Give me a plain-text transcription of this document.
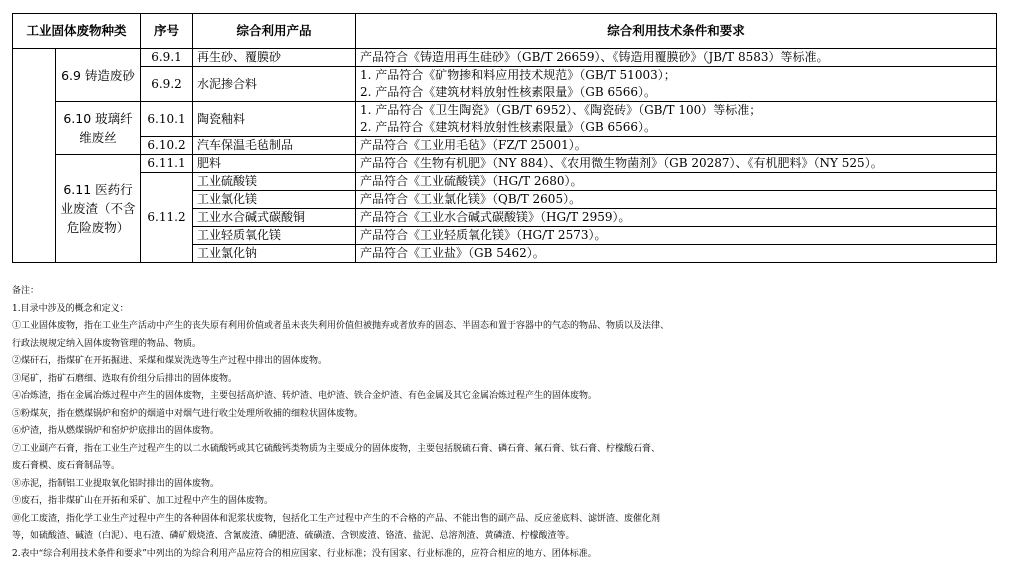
工业固体废物种类		序号	综合利用产品	综合利用技术条件和要求
	6.9 铸造废砂	6.9.1	再生砂、覆膜砂	产品符合《铸造用再生硅砂》（GB/T 26659）、《铸造用覆膜砂》（JB/T 8583）等标准。

		6.9.2	水泥掺合料	1. 产品符合《矿物掺和料应用技术规范》（GB/T 51003）；
2. 产品符合《建筑材料放射性核素限量》（GB 6566）。

	6.10 玻璃纤维废丝	6.10.1	陶瓷釉料	1. 产品符合《卫生陶瓷》（GB/T 6952）、《陶瓷砖》（GB/T 100）等标准；
2. 产品符合《建筑材料放射性核素限量》（GB 6566）。

		6.10.2	汽车保温毛毡制品	产品符合《工业用毛毡》（FZ/T 25001）。

	6.11 医药行业废渣（不含危险废物）	6.11.1	肥料	产品符合《生物有机肥》（NY 884）、《农用微生物菌剂》（GB 20287）、《有机肥料》（NY 525）。

		6.11.2	工业硫酸镁	产品符合《工业硫酸镁》（HG/T 2680）。

			工业氯化镁	产品符合《工业氯化镁》（QB/T 2605）。

			工业水合碱式碳酸铜	产品符合《工业水合碱式碳酸镁》（HG/T 2959）。

			工业轻质氧化镁	产品符合《工业轻质氧化镁》（HG/T 2573）。

			工业氯化钠	产品符合《工业盐》（GB 5462）。
备注：
1.目录中涉及的概念和定义：
①工业固体废物，指在工业生产活动中产生的丧失原有利用价值或者虽未丧失利用价值但被抛弃或者放弃的固态、半固态和置于容器中的气态的物品、物质以及法律、
行政法规规定纳入固体废物管理的物品、物质。
②煤矸石，指煤矿在开拓掘进、采煤和煤炭洗选等生产过程中排出的固体废物。
③尾矿，指矿石磨细、选取有价组分后排出的固体废物。
④冶炼渣，指在金属冶炼过程中产生的固体废物，主要包括高炉渣、转炉渣、电炉渣、铁合金炉渣、有色金属及其它金属冶炼过程产生的固体废物。
⑤粉煤灰，指在燃煤锅炉和窑炉的烟道中对烟气进行收尘处理所收捕的细粒状固体废物。
⑥炉渣，指从燃煤锅炉和窑炉炉底排出的固体废物。
⑦工业副产石膏，指在工业生产过程产生的以二水硫酸钙或其它硫酸钙类物质为主要成分的固体废物，主要包括脱硫石膏、磷石膏、氟石膏、钛石膏、柠檬酸石膏、
废石膏模、废石膏制品等。
⑧赤泥，指制铝工业提取氧化铝时排出的固体废物。
⑨废石，指非煤矿山在开拓和采矿、加工过程中产生的固体废物。
⑩化工废渣，指化学工业生产过程中产生的各种固体和泥浆状废物，包括化工生产过程中产生的不合格的产品、不能出售的副产品、反应釜底料、滤饼渣、废催化剂
等，如硫酸渣、碱渣（白泥）、电石渣、磷矿煅烧渣、含氰废渣、磷肥渣、硫磺渣、含钡废渣、铬渣、盐泥、总溶剂渣、黄磷渣、柠檬酸渣等。
2.表中“综合利用技术条件和要求”中列出的为综合利用产品应符合的相应国家、行业标准；没有国家、行业标准的，应符合相应的地方、团体标准。
